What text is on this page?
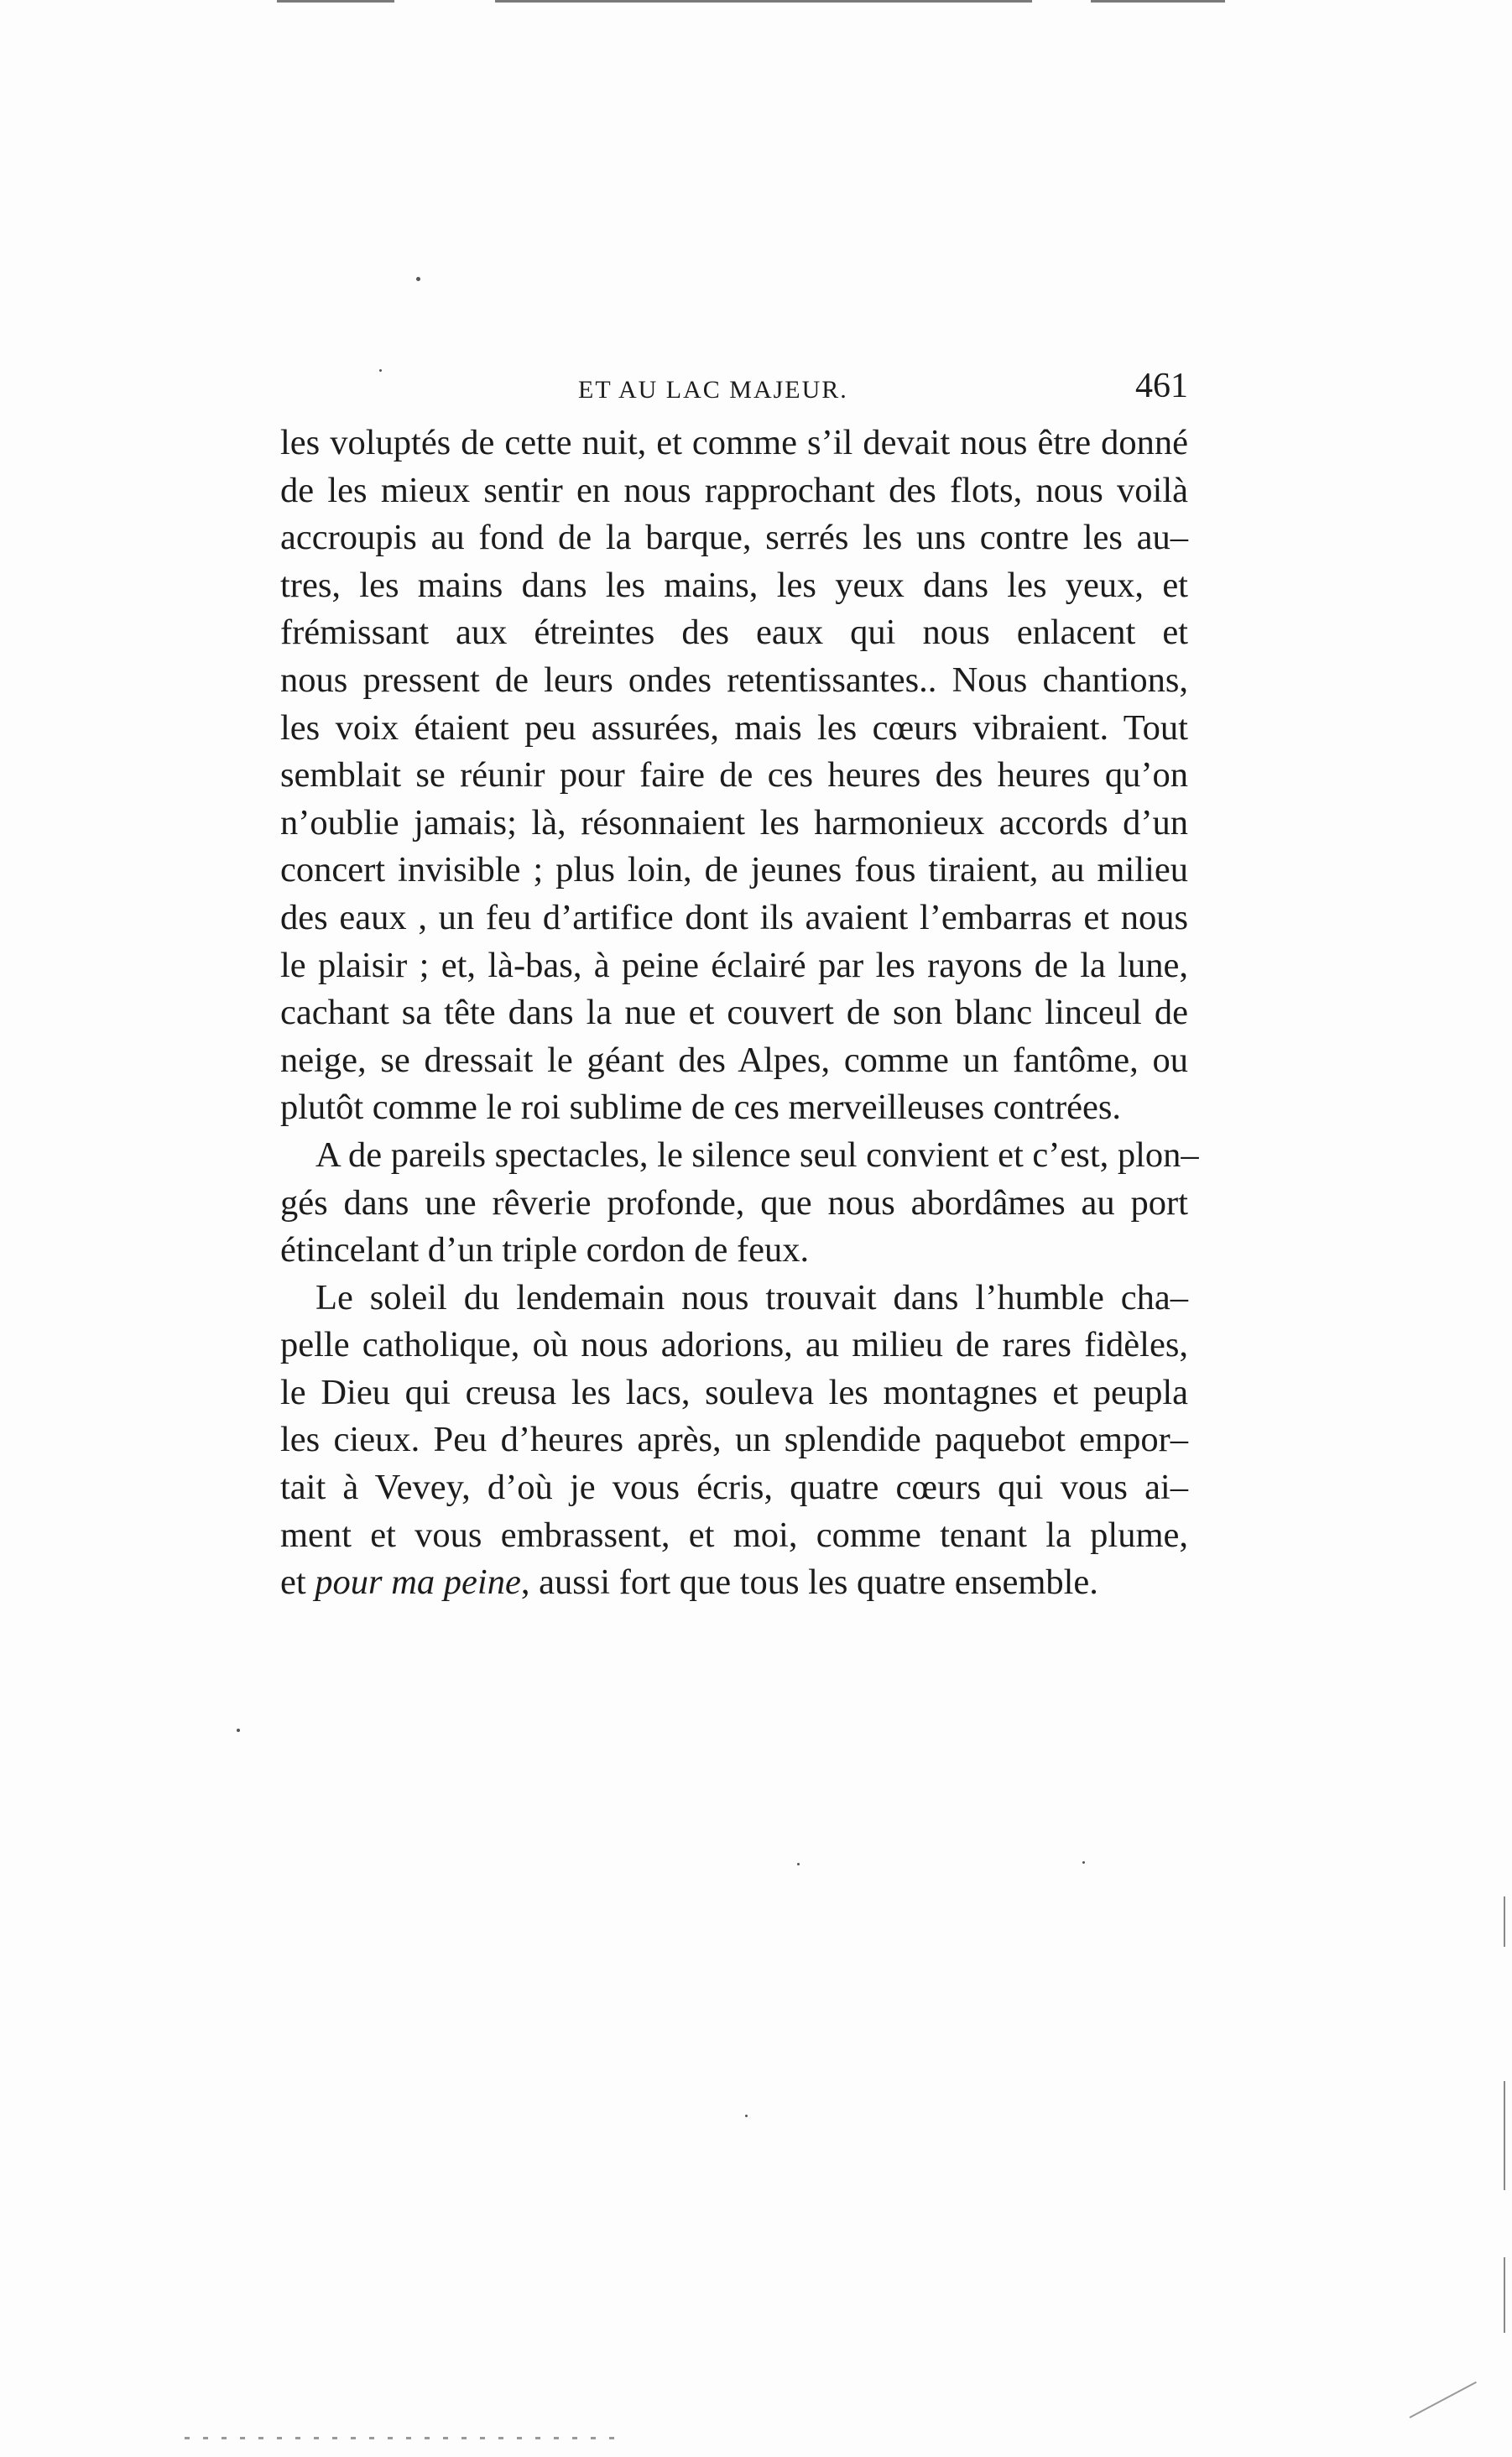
ET AU LAC MAJEUR.	461
les voluptés de cette nuit, et comme s’il devait nous être donné
de les mieux sentir en nous rapprochant des flots, nous voilà
accroupis au fond de la barque, serrés les uns contre les au–
tres, les mains dans les mains, les yeux dans les yeux, et
frémissant aux étreintes des eaux qui nous enlacent et
nous pressent de leurs ondes retentissantes.. Nous chantions,
les voix étaient peu assurées, mais les cœurs vibraient. Tout
semblait se réunir pour faire de ces heures des heures qu’on
n’oublie jamais; là, résonnaient les harmonieux accords d’un
concert invisible ; plus loin, de jeunes fous tiraient, au milieu
des eaux , un feu d’artifice dont ils avaient l’embarras et nous
le plaisir ; et, là-bas, à peine éclairé par les rayons de la lune,
cachant sa tête dans la nue et couvert de son blanc linceul de
neige, se dressait le géant des Alpes, comme un fantôme, ou
plutôt comme le roi sublime de ces merveilleuses contrées.
A de pareils spectacles, le silence seul convient et c’est, plon–
gés dans une rêverie profonde, que nous abordâmes au port
étincelant d’un triple cordon de feux.
Le soleil du lendemain nous trouvait dans l’humble cha–
pelle catholique, où nous adorions, au milieu de rares fidèles,
le Dieu qui creusa les lacs, souleva les montagnes et peupla
les cieux. Peu d’heures après, un splendide paquebot empor–
tait à Vevey, d’où je vous écris, quatre cœurs qui vous ai–
ment et vous embrassent, et moi, comme tenant la plume,
et pour ma peine, aussi fort que tous les quatre ensemble.
